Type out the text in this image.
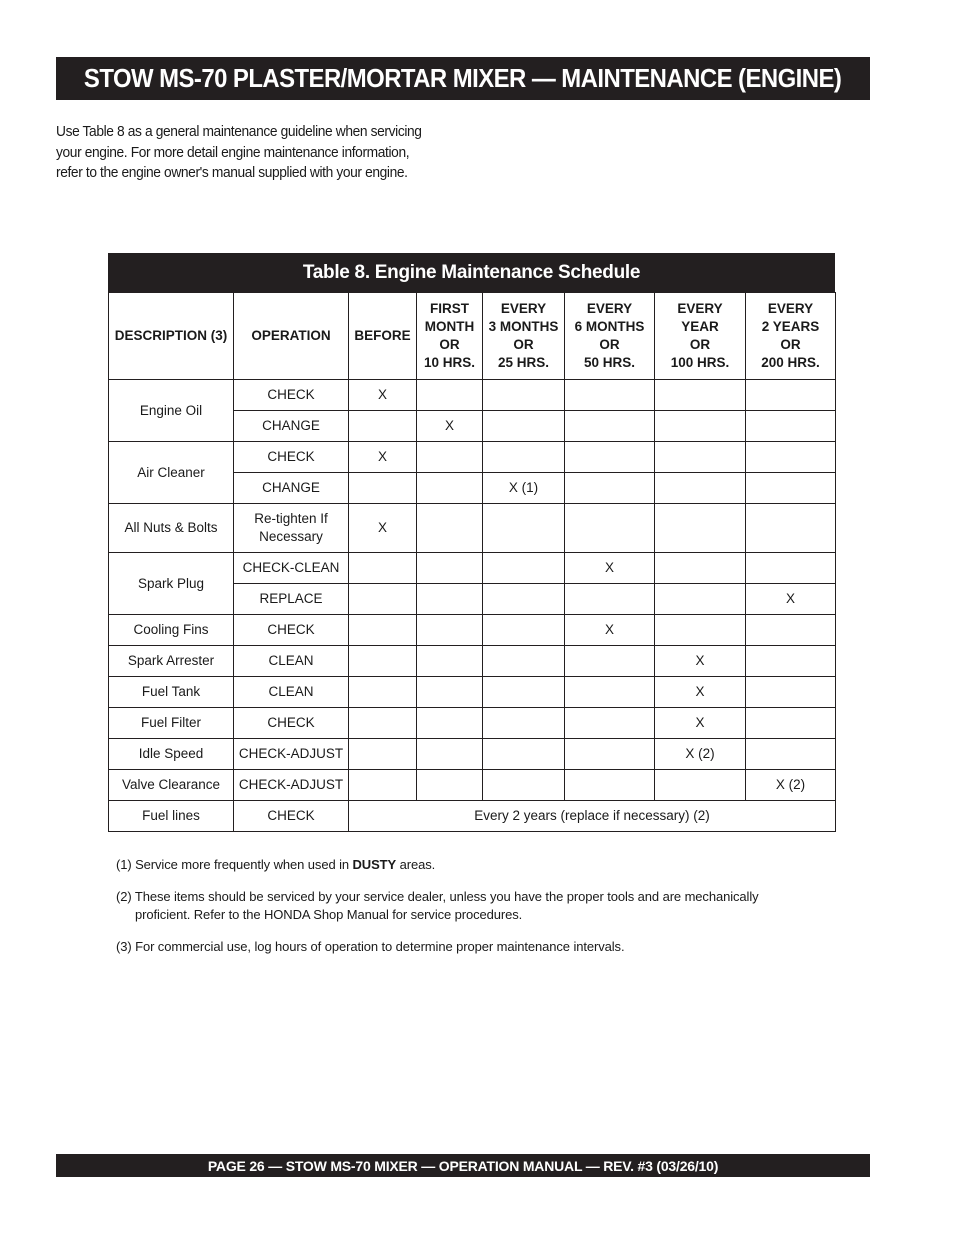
STOW MS-70 PLASTER/MORTAR MIXER — MAINTENANCE (ENGINE)

Use Table 8 as a general maintenance guideline when servicing

your engine. For more detail engine maintenance information,

refer to the engine owner's manual supplied with your engine.

Table 8. Engine Maintenance Schedule
DESCRIPTION (3)	OPERATION	BEFORE	FIRST
MONTH
OR
10 HRS.	EVERY
3 MONTHS
OR
25 HRS.	EVERY
6 MONTHS
OR
50 HRS.	EVERY
YEAR
OR
100 HRS.	EVERY
2 YEARS
OR
200 HRS.
Engine Oil	CHECK	X					
	CHANGE		X				
Air Cleaner	CHECK	X					
	CHANGE			X (1)			
All Nuts & Bolts	Re-tighten If
Necessary	X					
Spark Plug	CHECK-CLEAN				X		
	REPLACE						X
Cooling Fins	CHECK				X		
Spark Arrester	CLEAN					X	
Fuel Tank	CLEAN					X	
Fuel Filter	CHECK					X	
Idle Speed	CHECK-ADJUST					X (2)	
Valve Clearance	CHECK-ADJUST						X (2)
Fuel lines	CHECK	Every 2 years (replace if necessary) (2)					

(1) Service more frequently when used in DUSTY areas.

(2) These items should be serviced by your service dealer, unless you have the proper tools and are mechanically proficient. Refer to the HONDA Shop Manual for service procedures.

(3) For commercial use, log hours of operation to determine proper maintenance intervals.

PAGE 26 — STOW MS-70 MIXER — OPERATION MANUAL — REV. #3 (03/26/10)
